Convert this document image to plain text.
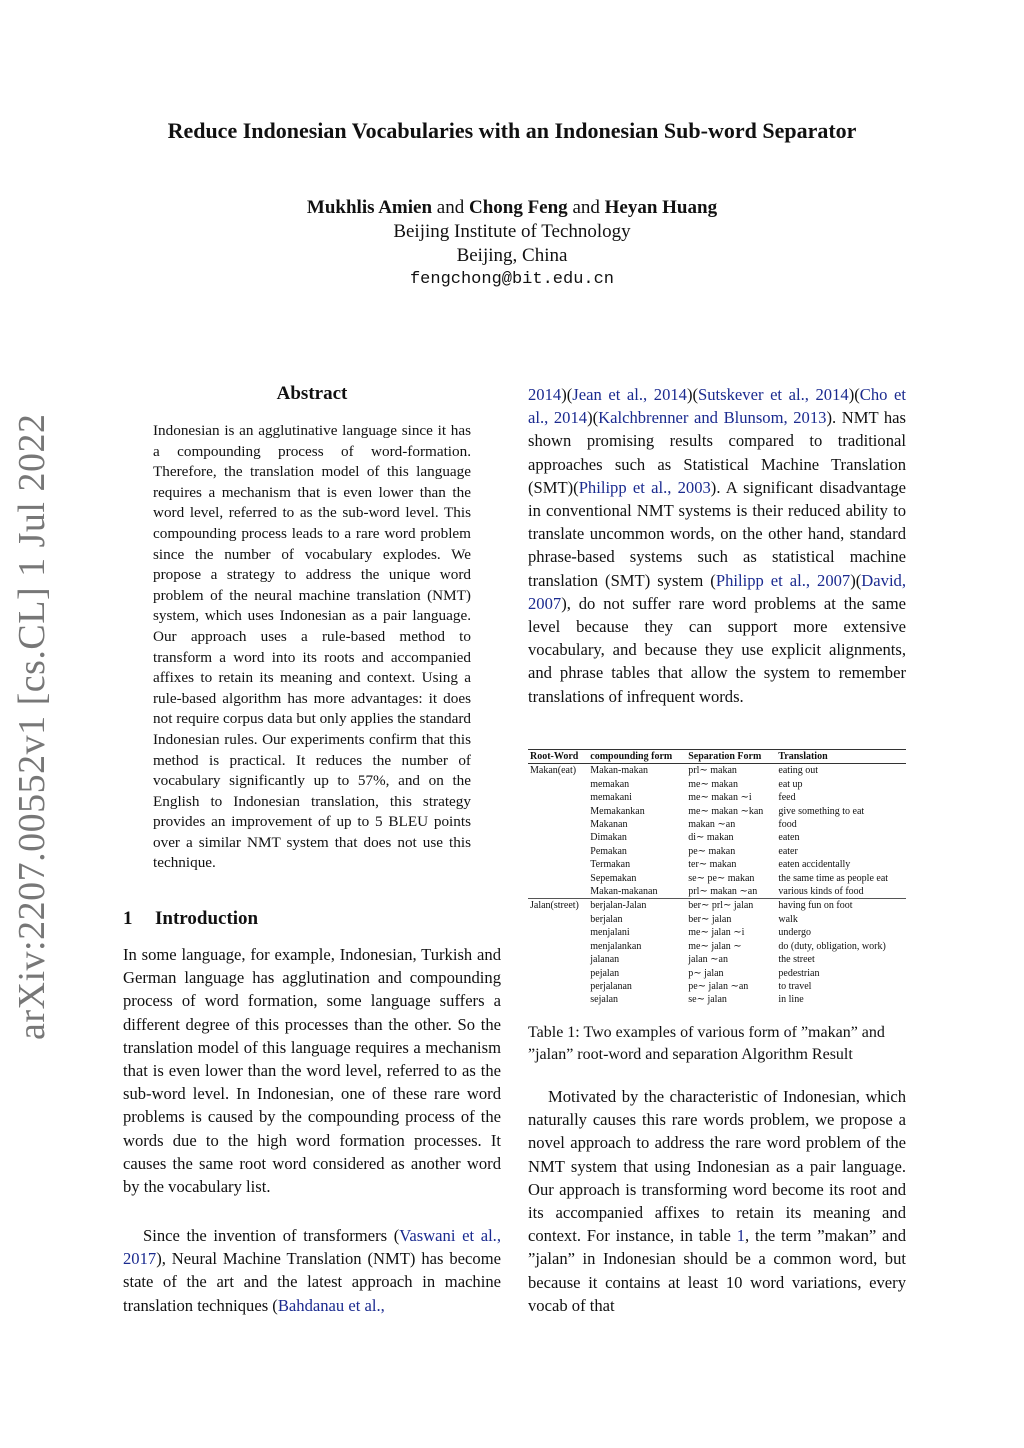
Reduce Indonesian Vocabularies with an Indonesian Sub-word Separator
Mukhlis Amien and Chong Feng and Heyan Huang
Beijing Institute of Technology
Beijing, China
fengchong@bit.edu.cn
arXiv:2207.00552v1 [cs.CL] 1 Jul 2022
Abstract

Indonesian is an agglutinative language since it has a compounding process of word-formation. Therefore, the translation model of this language requires a mechanism that is even lower than the word level, referred to as the sub-word level. This compounding process leads to a rare word problem since the number of vocabulary explodes. We propose a strategy to address the unique word problem of the neural machine translation (NMT) system, which uses Indonesian as a pair language. Our approach uses a rule-based method to transform a word into its roots and accompanied affixes to retain its meaning and context. Using a rule-based algorithm has more advantages: it does not require corpus data but only applies the standard Indonesian rules. Our experiments confirm that this method is practical. It reduces the number of vocabulary significantly up to 57%, and on the English to Indonesian translation, this strategy provides an improvement of up to 5 BLEU points over a similar NMT system that does not use this technique.

1 Introduction

In some language, for example, Indonesian, Turkish and German language has agglutination and compounding process of word formation, some language suffers a different degree of this processes than the other. So the translation model of this language requires a mechanism that is even lower than the word level, referred to as the sub-word level. In Indonesian, one of these rare word problems is caused by the compounding process of the words due to the high word formation processes. It causes the same root word considered as another word by the vocabulary list.

Since the invention of transformers (Vaswani et al., 2017), Neural Machine Translation (NMT) has become state of the art and the latest approach in machine translation techniques (Bahdanau et al.,

2014)(Jean et al., 2014)(Sutskever et al., 2014)(Cho et al., 2014)(Kalchbrenner and Blunsom, 2013). NMT has shown promising results compared to traditional approaches such as Statistical Machine Translation (SMT)(Philipp et al., 2003). A significant disadvantage in conventional NMT systems is their reduced ability to translate uncommon words, on the other hand, standard phrase-based systems such as statistical machine translation (SMT) system (Philipp et al., 2007)(David, 2007), do not suffer rare word problems at the same level because they can support more extensive vocabulary, and because they use explicit alignments, and phrase tables that allow the system to remember translations of infrequent words.

Root-Word	compounding form	Separation Form	Translation
Makan(eat)	Makan-makan	prl∼ makan	eating out
	memakan	me∼ makan	eat up
	memakani	me∼ makan ∼i	feed
	Memakankan	me∼ makan ∼kan	give something to eat
	Makanan	makan ∼an	food
	Dimakan	di∼ makan	eaten
	Pemakan	pe∼ makan	eater
	Termakan	ter∼ makan	eaten accidentally
	Sepemakan	se∼ pe∼ makan	the same time as people eat
	Makan-makanan	prl∼ makan ∼an	various kinds of food
Jalan(street)	berjalan-Jalan	ber∼ prl∼ jalan	having fun on foot
	berjalan	ber∼ jalan	walk
	menjalani	me∼ jalan ∼i	undergo
	menjalankan	me∼ jalan ∼	do (duty, obligation, work)
	jalanan	jalan ∼an	the street
	pejalan	p∼ jalan	pedestrian
	perjalanan	pe∼ jalan ∼an	to travel
	sejalan	se∼ jalan	in line

Table 1: Two examples of various form of ”makan” and ”jalan” root-word and separation Algorithm Result

Motivated by the characteristic of Indonesian, which naturally causes this rare words problem, we propose a novel approach to address the rare word problem of the NMT system that using Indonesian as a pair language. Our approach is transforming word become its root and its accompanied affixes to retain its meaning and context. For instance, in table 1, the term ”makan” and ”jalan” in Indonesian should be a common word, but because it contains at least 10 word variations, every vocab of that
